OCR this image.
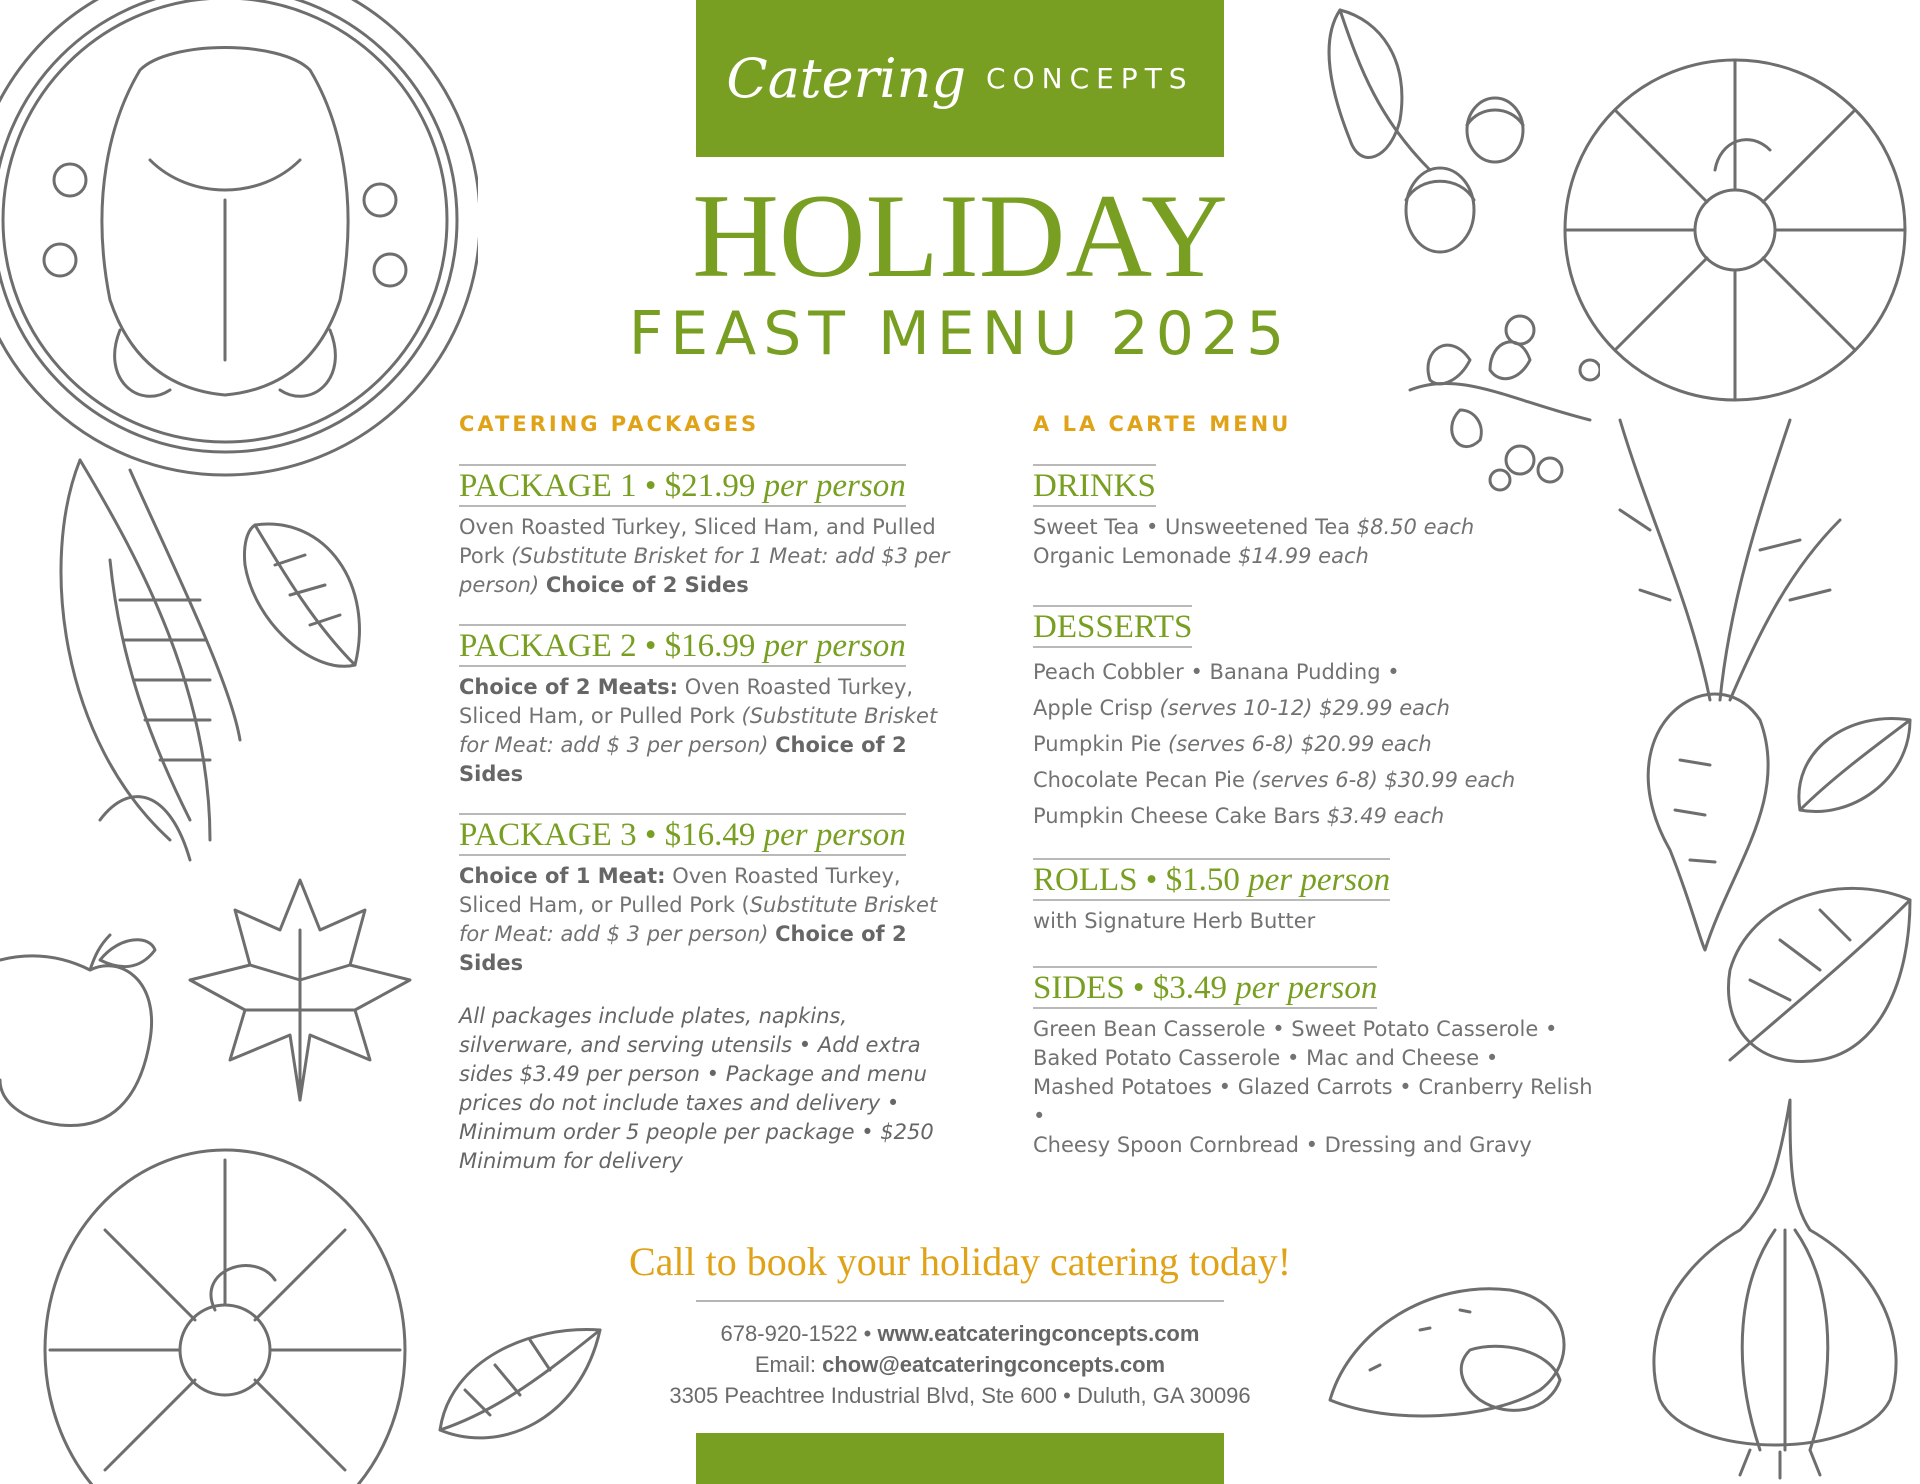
Catering CONCEPTS
HOLIDAY
FEAST MENU 2025
CATERING PACKAGES
PACKAGE 1 • $21.99 per person
Oven Roasted Turkey, Sliced Ham, and Pulled Pork (Substitute Brisket for 1 Meat: add $3 per person) Choice of 2 Sides
PACKAGE 2 • $16.99 per person
Choice of 2 Meats: Oven Roasted Turkey, Sliced Ham, or Pulled Pork (Substitute Brisket for Meat: add $ 3 per person) Choice of 2 Sides
PACKAGE 3 • $16.49 per person
Choice of 1 Meat: Oven Roasted Turkey, Sliced Ham, or Pulled Pork (Substitute Brisket for Meat: add $ 3 per person) Choice of 2 Sides
All packages include plates, napkins, silverware, and serving utensils • Add extra sides $3.49 per person • Package and menu prices do not include taxes and delivery • Minimum order 5 people per package • $250 Minimum for delivery
A LA CARTE MENU
DRINKS
Sweet Tea • Unsweetened Tea $8.50 each
Organic Lemonade $14.99 each
DESSERTS
Peach Cobbler • Banana Pudding •
Apple Crisp (serves 10-12) $29.99 each
Pumpkin Pie (serves 6-8) $20.99 each
Chocolate Pecan Pie (serves 6-8) $30.99 each
Pumpkin Cheese Cake Bars $3.49 each
ROLLS • $1.50 per person
with Signature Herb Butter
SIDES • $3.49 per person
Green Bean Casserole • Sweet Potato Casserole •
Baked Potato Casserole • Mac and Cheese •
Mashed Potatoes • Glazed Carrots • Cranberry Relish •
Cheesy Spoon Cornbread • Dressing and Gravy
Call to book your holiday catering today!
678-920-1522 • www.eatcateringconcepts.com
Email: chow@eatcateringconcepts.com
3305 Peachtree Industrial Blvd, Ste 600 • Duluth, GA 30096
